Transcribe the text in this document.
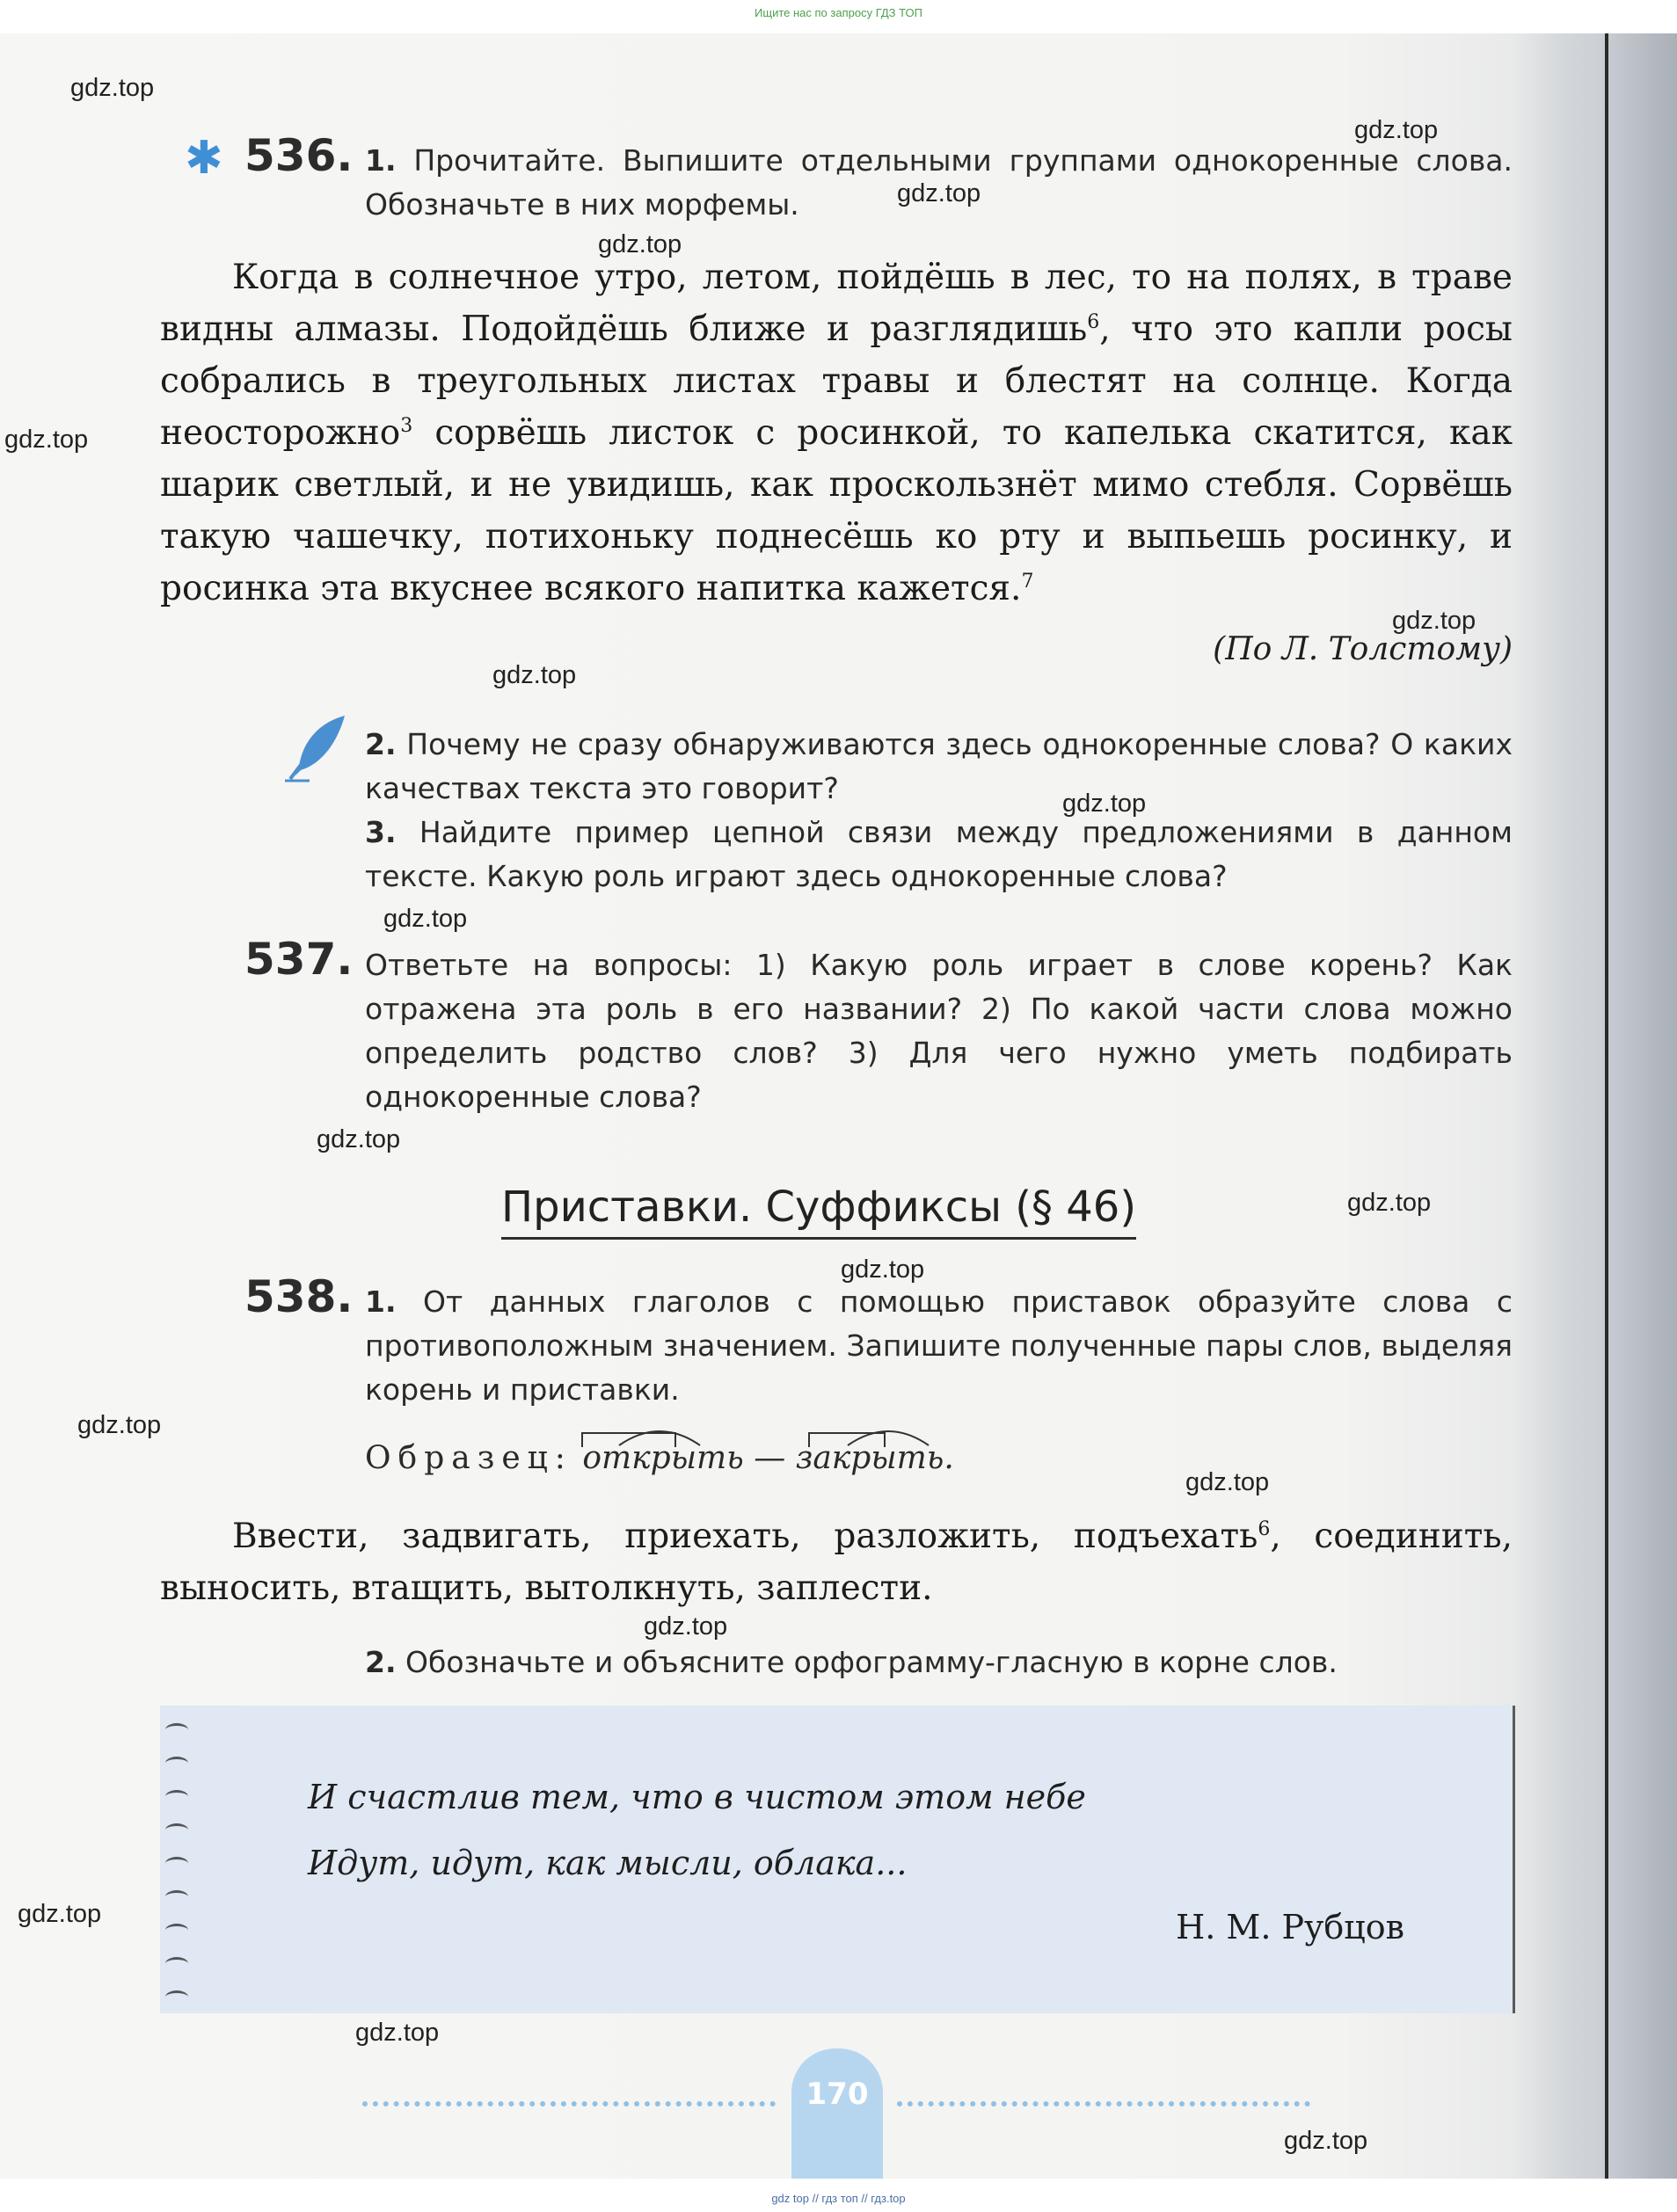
Ищите нас по запросу ГДЗ ТОП
gdz.top
gdz.top
gdz.top
gdz.top
gdz.top
gdz.top
gdz.top
gdz.top
gdz.top
gdz.top
gdz.top
gdz.top
gdz.top
gdz.top
gdz.top
gdz.top
gdz.top
gdz.top
✱ 536. 1. Прочитайте. Выпишите отдельными группами однокоренные слова. Обозначьте в них морфемы.
Когда в солнечное утро, летом, пойдёшь в лес, то на полях, в траве видны алмазы. Подойдёшь ближе и разглядишь$^6$, что это капли росы собрались в треугольных листах травы и блестят на солнце. Когда неосторожно$^3$ сорвёшь листок с росинкой, то капелька скатится, как шарик светлый, и не увидишь, как проскользнёт мимо стебля. Сорвёшь такую чашечку, потихоньку поднесёшь ко рту и выпьешь росинку, и росинка эта вкуснее всякого напитка кажется.$^7$
(По Л. Толстому)
2. Почему не сразу обнаруживаются здесь однокоренные слова? О каких качествах текста это говорит?
3. Найдите пример цепной связи между предложениями в данном тексте. Какую роль играют здесь однокоренные слова?
537. Ответьте на вопросы: 1) Какую роль играет в слове корень? Как отражена эта роль в его названии? 2) По какой части слова можно определить родство слов? 3) Для чего нужно уметь подбирать однокоренные слова?
Приставки. Суффиксы (§ 46)
538. 1. От данных глаголов с помощью приставок образуйте слова с противоположным значением. Запишите полученные пары слов, выделяя корень и приставки.
Образец: открыть — закрыть.
Ввести, задвигать, приехать, разложить, подъехать$^6$, соединить, выносить, втащить, вытолкнуть, заплести.
2. Обозначьте и объясните орфограмму-гласную в корне слов.
И счастлив тем, что в чистом этом небе
Идут, идут, как мысли, облака...
Н. М. Рубцов
170
gdz top // гдз топ // гдз.top
